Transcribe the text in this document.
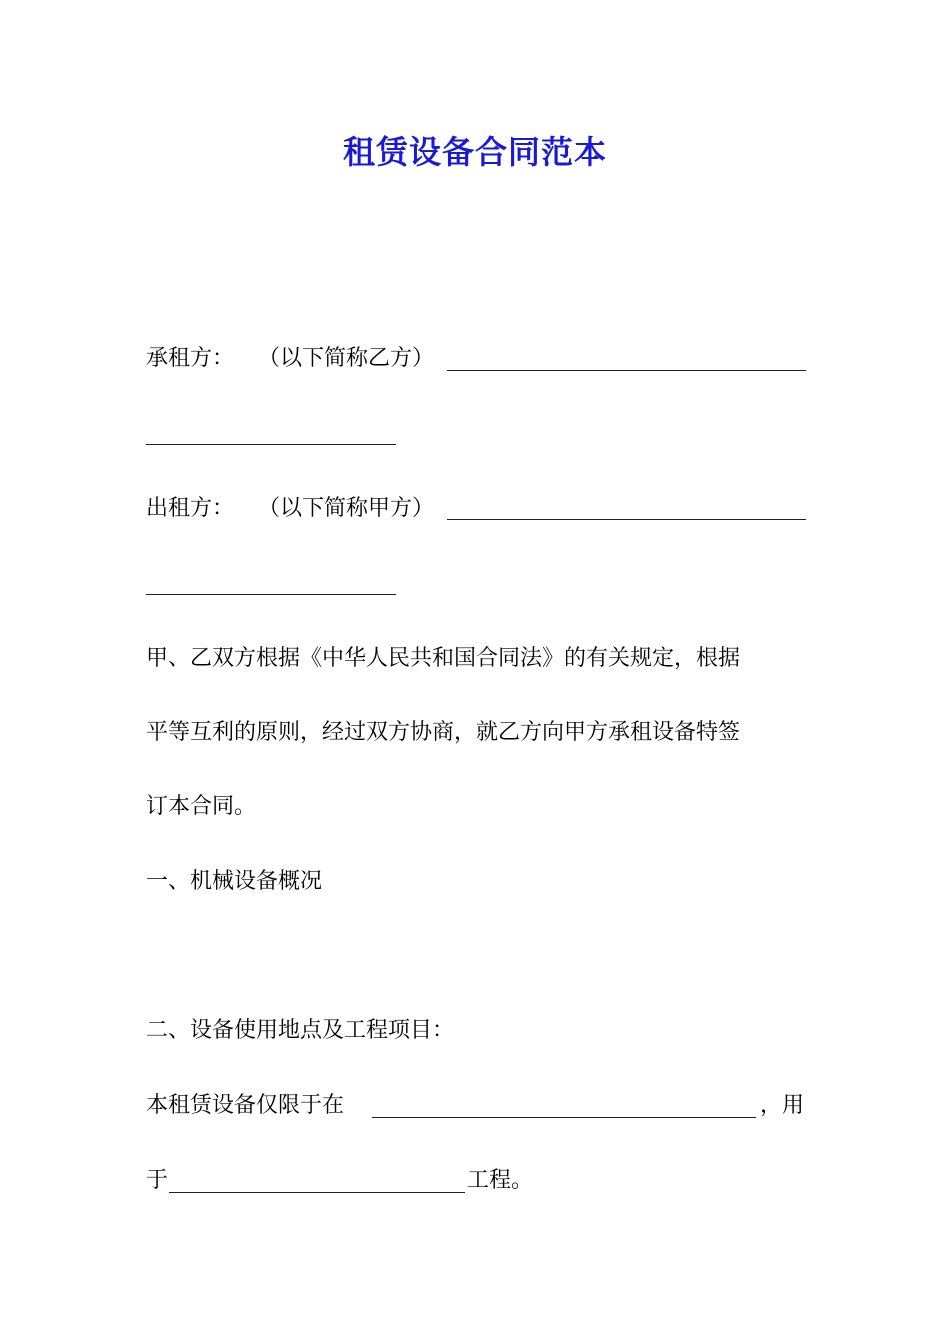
租赁设备合同范本
承租方： （以下简称乙方）
出租方： （以下简称甲方）
甲、乙双方根据《中华人民共和国合同法》的有关规定，根据
平等互利的原则，经过双方协商，就乙方向甲方承租设备特签
订本合同。
一、机械设备概况
二、设备使用地点及工程项目：
本租赁设备仅限于在	，用
于	工程。
